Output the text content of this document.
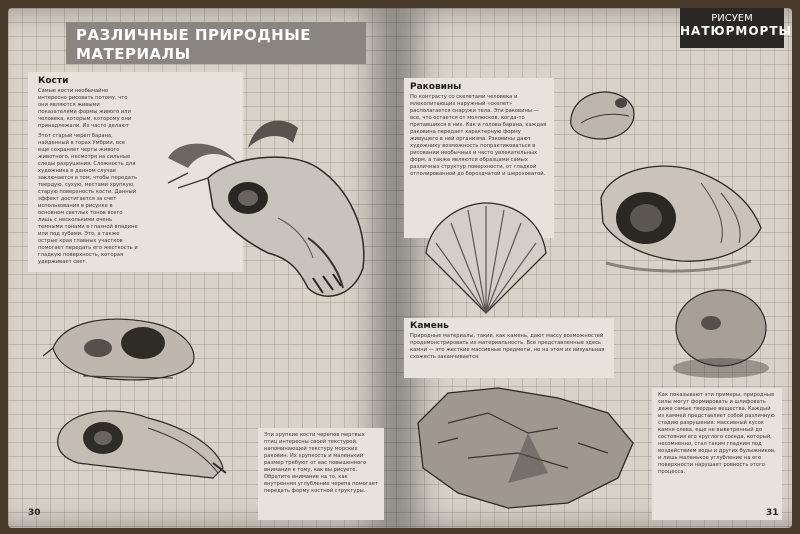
РАЗЛИЧНЫЕ ПРИРОДНЫЕ МАТЕРИАЛЫ
Кости
Самые кости необычайно интересно рисовать потому, что они являются живыми показателями формы живого или человека, которым, которому они принадлежали. Их часто делают
Этот старый череп барана, найденный в горах Умбрии, все еще сохраняет черты живого животного, несмотря на сильные следы разрушения. Сложность для художника в данном случае заключается в том, чтобы передать твердую, сухую, местами хрупкую, старую поверхность кости. Данный эффект достигается за счет использования в рисунке в основном светлых тонов всего лишь с несколькими очень темными тонами в глазной впадине или под зубами. Это, а также острые края главных участков помогает передать его жесткость и гладкую поверхность, которая удерживает свет.
Эти хрупкие кости черепов мертвых птиц интересны своей текстурой, напоминающей текстуру морских раковин. Их хрупкость и маленький размер требуют от вас повышенного внимания к тому, как вы рисуете. Обратите внимание на то, как внутренняя углубление черепа помогает передать форму костной структуры.
30
РИСУЕМ
НАТЮРМОРТЫ
Раковины
По контрасту со скелетами человека и млекопитающих наружный «скелет» располагается снаружи тела. Эти раковины — все, что остается от моллюсков, когда-то прятавшихся в них. Как и голова барана, каждая раковина передает характерную форму живущего в ней организма. Раковины дают художнику возможность попрактиковаться в рисовании необычных и часто увлекательных форм, а также являются образцами самых различных структур поверхности, от гладкой отполированной до бороздчатой и шероховатой.
Камень
Природные материалы, такие, как камень, дают массу возможностей продемонстрировать их материальность. Все представленные здесь камни — это жесткие массивные предметы, но на этом их визуальная схожесть заканчивается.
Как показывают эти примеры, природные силы могут формировать и шлифовать даже самые твердые вещества. Каждый из камней представляет собой различную стадию разрушения: массивный кусок камня слева, еще не выветренный до состояния его круглого соседа, который, несомненно, стал таким гладким под воздействием воды и других булыжников, и лишь маленькое углубление на его поверхности нарушает ровность этого процесса.
31
